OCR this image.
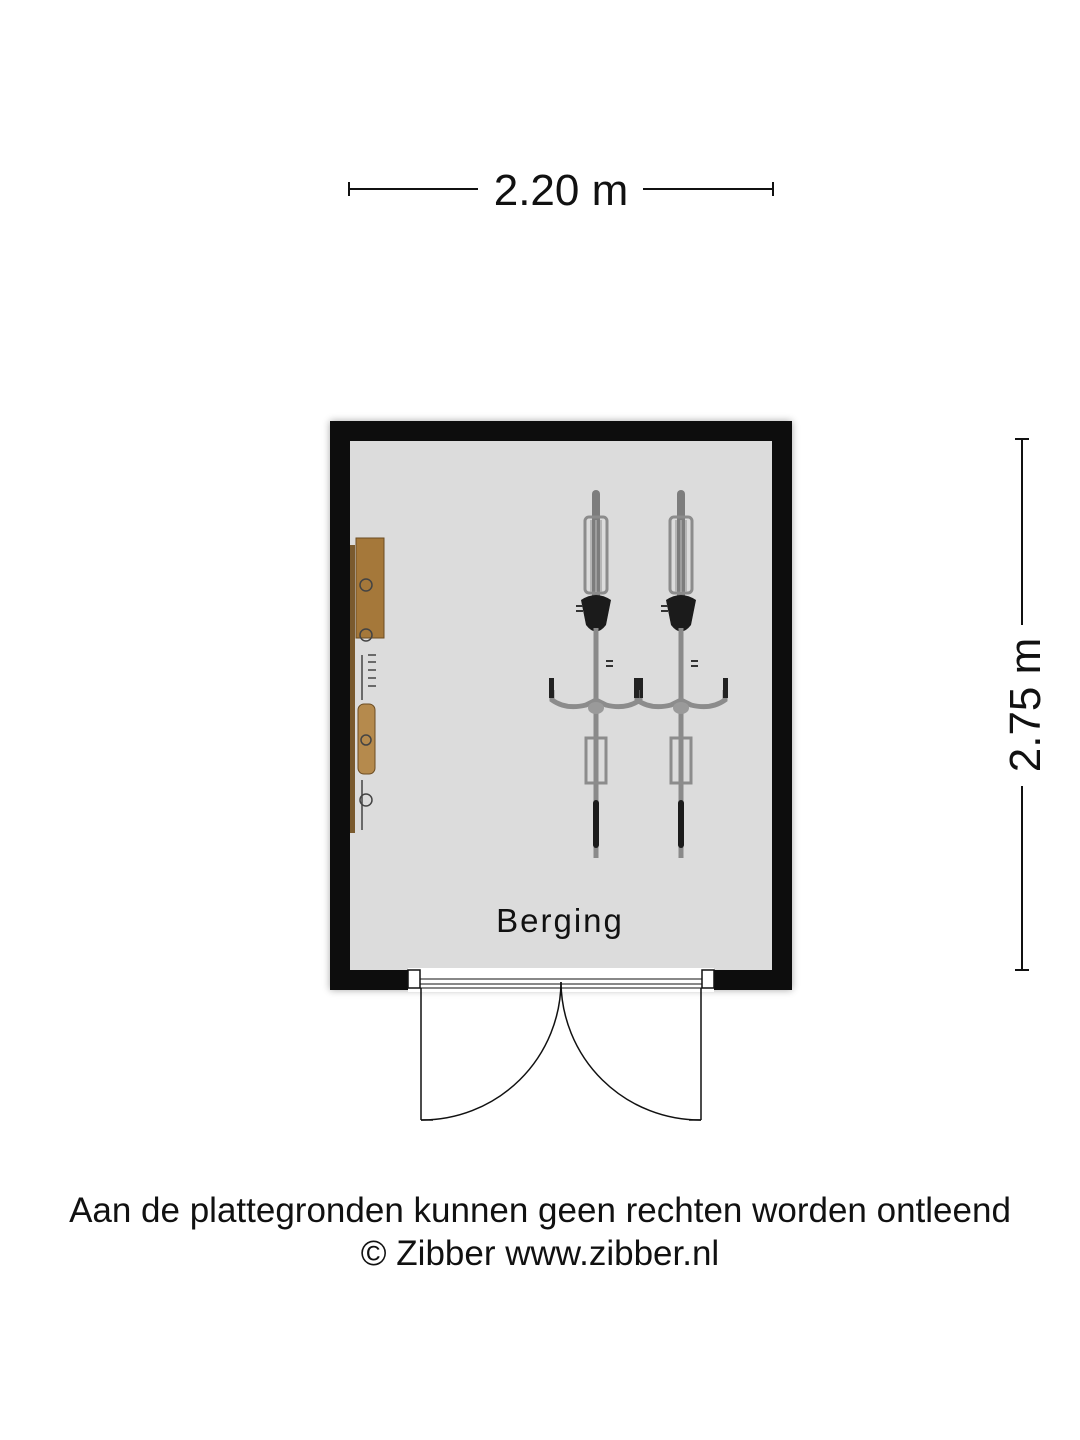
2.20 m
2.75 m
Berging
Aan de plattegronden kunnen geen rechten worden ontleend
© Zibber www.zibber.nl
